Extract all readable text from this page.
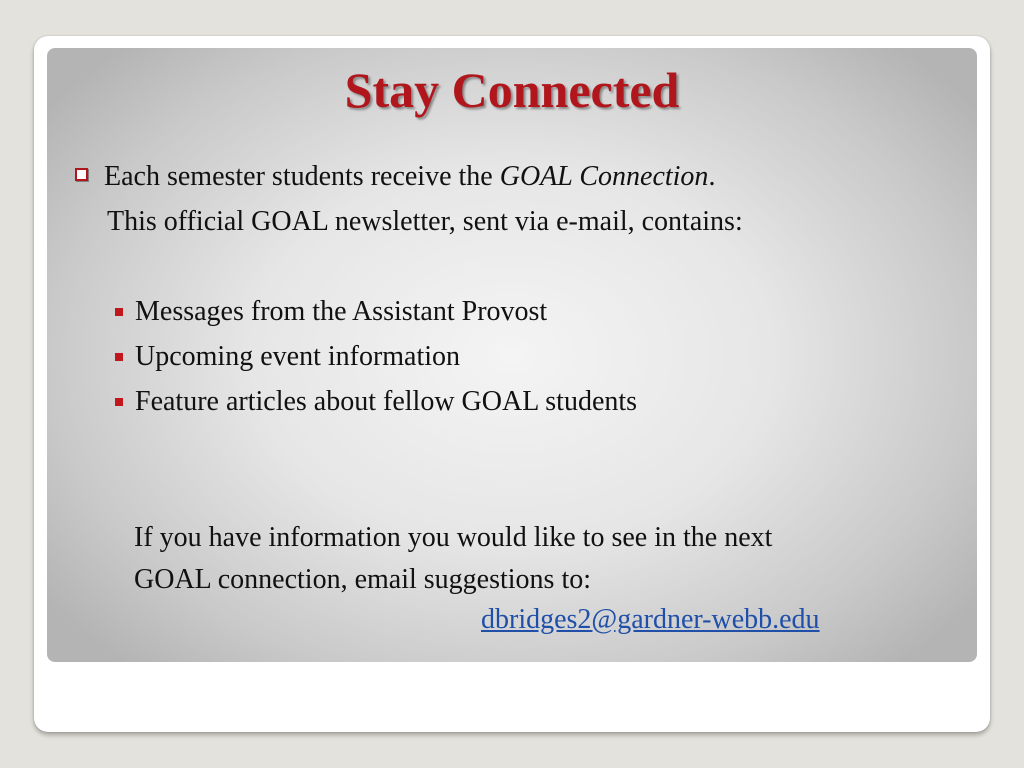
Stay Connected
Each semester students receive the GOAL Connection.
This official GOAL newsletter, sent via e-mail, contains:
Messages from the Assistant Provost
Upcoming event information
Feature articles about fellow GOAL students
If you have information you would like to see in the next
GOAL connection, email suggestions to:
dbridges2@gardner-webb.edu
